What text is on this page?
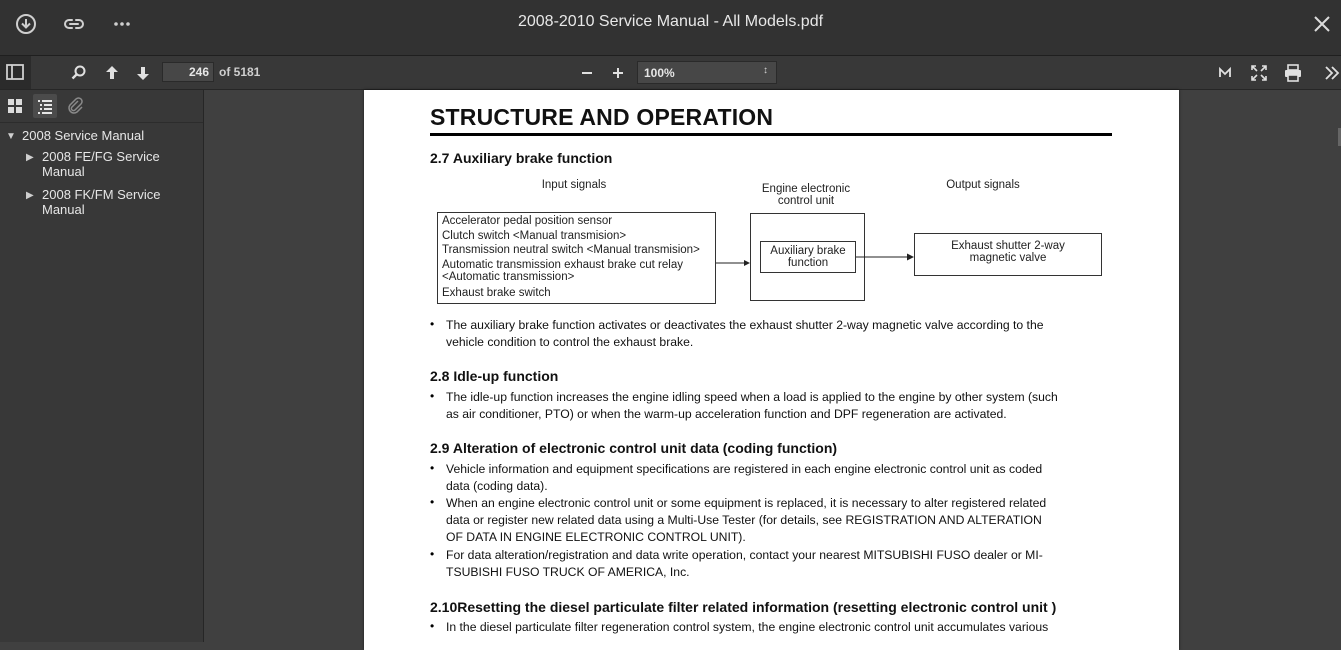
2008-2010 Service Manual - All Models.pdf
246
of 5181	100%	↕
▼ 2008 Service Manual
▶ 2008 FE/FG Service
Manual
▶ 2008 FK/FM Service
Manual
STRUCTURE AND OPERATION
2.7 Auxiliary brake function
Input signals	Engine electronic
control unit
Output signals
Accelerator pedal position sensor
Clutch switch <Manual transmision>
Transmission neutral switch <Manual transmision>
Automatic transmission exhaust brake cut relay
<Automatic transmission>
Exhaust brake switch
Auxiliary brake
function
Exhaust shutter 2-way
magnetic valve
• The auxiliary brake function activates or deactivates the exhaust shutter 2-way magnetic valve according to the
vehicle condition to control the exhaust brake.
2.8 Idle-up function
• The idle-up function increases the engine idling speed when a load is applied to the engine by other system (such
as air conditioner, PTO) or when the warm-up acceleration function and DPF regeneration are activated.
2.9 Alteration of electronic control unit data (coding function)
• Vehicle information and equipment specifications are registered in each engine electronic control unit as coded
data (coding data).
• When an engine electronic control unit or some equipment is replaced, it is necessary to alter registered related
data or register new related data using a Multi-Use Tester (for details, see REGISTRATION AND ALTERATION
OF DATA IN ENGINE ELECTRONIC CONTROL UNIT).
• For data alteration/registration and data write operation, contact your nearest MITSUBISHI FUSO dealer or MI-
TSUBISHI FUSO TRUCK OF AMERICA, Inc.
2.10Resetting the diesel particulate filter related information (resetting electronic control unit )
• In the diesel particulate filter regeneration control system, the engine electronic control unit accumulates various
